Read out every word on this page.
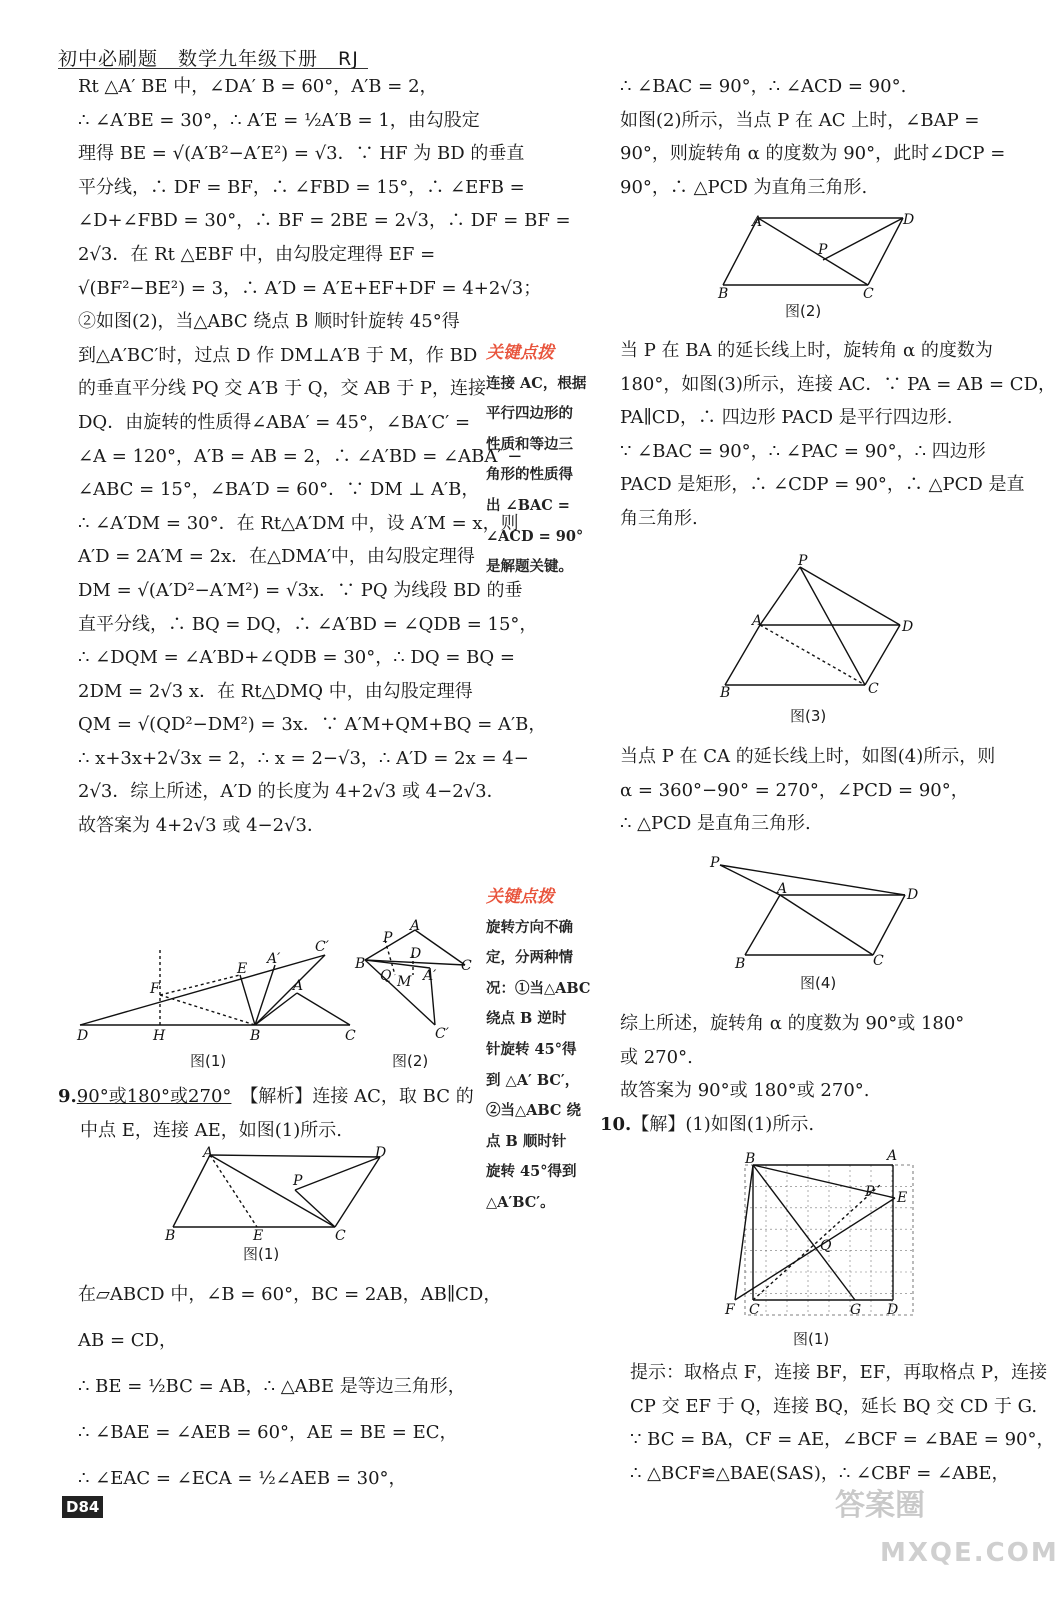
初中必刷题　数学九年级下册　RJ

Rt △A′ BE 中，∠DA′ B = 60°，A′B = 2，

∴ ∠A′BE = 30°，∴ A′E = ½A′B = 1，由勾股定

理得 BE = √(A′B²−A′E²) = √3．∵ HF 为 BD 的垂直

平分线，∴ DF = BF，∴ ∠FBD = 15°，∴ ∠EFB =

∠D+∠FBD = 30°，∴ BF = 2BE = 2√3，∴ DF = BF =

2√3．在 Rt △EBF 中，由勾股定理得 EF =

√(BF²−BE²) = 3，∴ A′D = A′E+EF+DF = 4+2√3；

②如图(2)，当△ABC 绕点 B 顺时针旋转 45°得

到△A′BC′时，过点 D 作 DM⊥A′B 于 M，作 BD

的垂直平分线 PQ 交 A′B 于 Q，交 AB 于 P，连接

DQ．由旋转的性质得∠ABA′ = 45°，∠BA′C′ =

∠A = 120°，A′B = AB = 2，∴ ∠A′BD = ∠ABA′ −

∠ABC = 15°，∠BA′D = 60°．∵ DM ⊥ A′B，

∴ ∠A′DM = 30°．在 Rt△A′DM 中，设 A′M = x，则

A′D = 2A′M = 2x．在△DMA′中，由勾股定理得

DM = √(A′D²−A′M²) = √3x．∵ PQ 为线段 BD 的垂

直平分线，∴ BQ = DQ，∴ ∠A′BD = ∠QDB = 15°，

∴ ∠DQM = ∠A′BD+∠QDB = 30°，∴ DQ = BQ =

2DM = 2√3 x．在 Rt△DMQ 中，由勾股定理得

QM = √(QD²−DM²) = 3x．∵ A′M+QM+BQ = A′B，

∴ x+3x+2√3x = 2，∴ x = 2−√3，∴ A′D = 2x = 4−

2√3．综上所述，A′D 的长度为 4+2√3 或 4−2√3．

故答案为 4+2√3 或 4−2√3．

关键点拨

连接 AC，根据

平行四边形的

性质和等边三

角形的性质得

出 ∠BAC =

∠ACD = 90°

是解题关键。

关键点拨

旋转方向不确

定，分两种情

况：①当△ABC

绕点 B 逆时

针旋转 45°得

到 △A′ BC′，

②当△ABC 绕

点 B 顺时针

旋转 45°得到

△A′BC′。

D	H
F
E
A′
C′
A
B	C
图(1)
A
P
B
D
C
Q M A′
C′
图(2)

9.90°或180°或270°　 【解析】连接 AC，取 BC 的

中点 E，连接 AE，如图(1)所示.

A	D
P
B	E	C
图(1)

在▱ABCD 中，∠B = 60°，BC = 2AB，AB∥CD，

AB = CD，

∴ BE = ½BC = AB，∴ △ABE 是等边三角形，

∴ ∠BAE = ∠AEB = 60°，AE = BE = EC，

∴ ∠EAC = ∠ECA = ½∠AEB = 30°，

∴ ∠BAC = 90°，∴ ∠ACD = 90°.

如图(2)所示，当点 P 在 AC 上时，∠BAP =

90°，则旋转角 α 的度数为 90°，此时∠DCP =

90°，∴ △PCD 为直角三角形.

A	D
P
B	C
图(2)

当 P 在 BA 的延长线上时，旋转角 α 的度数为

180°，如图(3)所示，连接 AC．∵ PA = AB = CD，

PA∥CD，∴ 四边形 PACD 是平行四边形.

∵ ∠BAC = 90°，∴ ∠PAC = 90°，∴ 四边形

PACD 是矩形，∴ ∠CDP = 90°，∴ △PCD 是直

角三角形.

P
A	D
B	C
图(3)

当点 P 在 CA 的延长线上时，如图(4)所示，则

α = 360°−90° = 270°，∠PCD = 90°，

∴ △PCD 是直角三角形.

P
A	D
B	C
图(4)

综上所述，旋转角 α 的度数为 90°或 180°

或 270°.

故答案为 90°或 180°或 270°.

10.【解】(1)如图(1)所示.

B	A
P E
Q
F C	G D
图(1)

提示：取格点 F，连接 BF，EF，再取格点 P，连接

CP 交 EF 于 Q，连接 BQ，延长 BQ 交 CD 于 G.

∵ BC = BA，CF = AE，∠BCF = ∠BAE = 90°，

∴ △BCF≌△BAE(SAS)，∴ ∠CBF = ∠ABE，

D84	答案圈
MXQE.COM
